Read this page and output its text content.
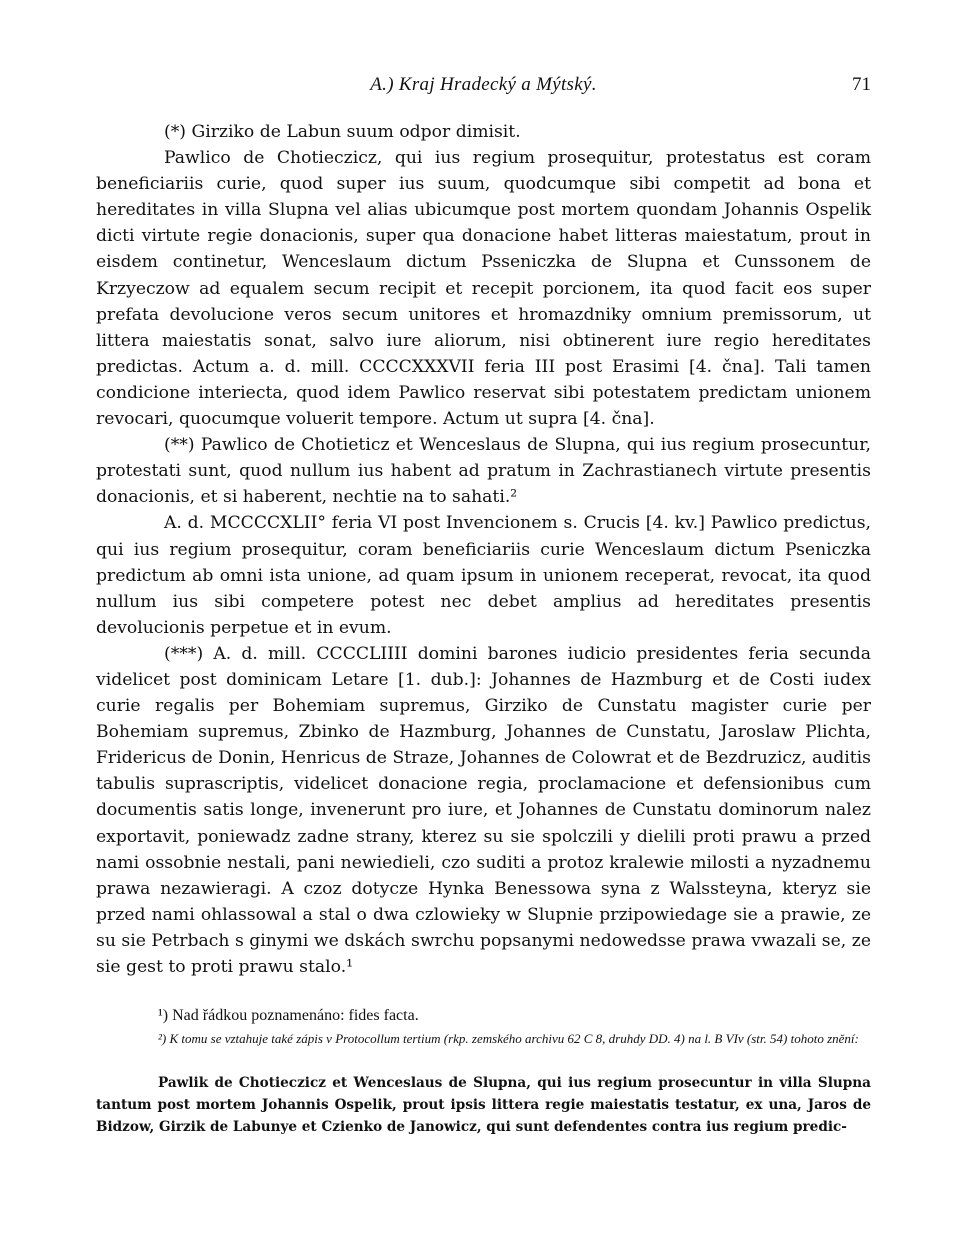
A.) Kraj Hradecký a Mýtský.	71

(*) Girziko de Labun suum odpor dimisit.

Pawlico de Chotieczicz, qui ius regium prosequitur, protestatus est coram beneficiariis curie, quod super ius suum, quodcumque sibi competit ad bona et hereditates in villa Slupna vel alias ubicumque post mortem quondam Johannis Ospelik dicti virtute regie donacionis, super qua donacione habet litteras maiestatum, prout in eisdem continetur, Wenceslaum dictum Psseniczka de Slupna et Cunssonem de Krzyeczow ad equalem secum recipit et recepit porcionem, ita quod facit eos super prefata devolucione veros secum unitores et hromazdniky omnium premissorum, ut littera maiestatis sonat, salvo iure aliorum, nisi obtinerent iure regio hereditates predictas. Actum a. d. mill. CCCCXXXVII feria III post Erasimi [4. čna]. Tali tamen condicione interiecta, quod idem Pawlico reservat sibi potestatem predictam unionem revocari, quocumque voluerit tempore. Actum ut supra [4. čna].

(**) Pawlico de Chotieticz et Wenceslaus de Slupna, qui ius regium prosecuntur, protestati sunt, quod nullum ius habent ad pratum in Zachrastianech virtute presentis donacionis, et si haberent, nechtie na to sahati.²

A. d. MCCCCXLII° feria VI post Invencionem s. Crucis [4. kv.] Pawlico predictus, qui ius regium prosequitur, coram beneficiariis curie Wenceslaum dictum Pseniczka predictum ab omni ista unione, ad quam ipsum in unionem receperat, revocat, ita quod nullum ius sibi competere potest nec debet amplius ad hereditates presentis devolucionis perpetue et in evum.

(***) A. d. mill. CCCCLIIII domini barones iudicio presidentes feria secunda videlicet post dominicam Letare [1. dub.]: Johannes de Hazmburg et de Costi iudex curie regalis per Bohemiam supremus, Girziko de Cunstatu magister curie per Bohemiam supremus, Zbinko de Hazmburg, Johannes de Cunstatu, Jaroslaw Plichta, Fridericus de Donin, Henricus de Straze, Johannes de Colowrat et de Bezdruzicz, auditis tabulis suprascriptis, videlicet donacione regia, proclamacione et defensionibus cum documentis satis longe, invenerunt pro iure, et Johannes de Cunstatu dominorum nalez exportavit, poniewadz zadne strany, kterez su sie spolczili y dielili proti prawu a przed nami ossobnie nestali, pani newiedieli, czo suditi a protoz kralewie milosti a nyzadnemu prawa nezawieragi. A czoz dotycze Hynka Benessowa syna z Walssteyna, kteryz sie przed nami ohlassowal a stal o dwa czlowieky w Slupnie przipowiedage sie a prawie, ze su sie Petrbach s ginymi we dskách swrchu popsanymi nedowedsse prawa vwazali se, ze sie gest to proti prawu stalo.¹

¹) Nad řádkou poznamenáno: fides facta.
²) K tomu se vztahuje také zápis v Protocollum tertium (rkp. zemského archivu 62 C 8, druhdy DD. 4) na l. B VIv (str. 54) tohoto znění:
Pawlik de Chotieczicz et Wenceslaus de Slupna, qui ius regium prosecuntur in villa Slupna tantum post mortem Johannis Ospelik, prout ipsis littera regie maiestatis testatur, ex una, Jaros de Bidzow, Girzik de Labunye et Czienko de Janowicz, qui sunt defendentes contra ius regium predic-
